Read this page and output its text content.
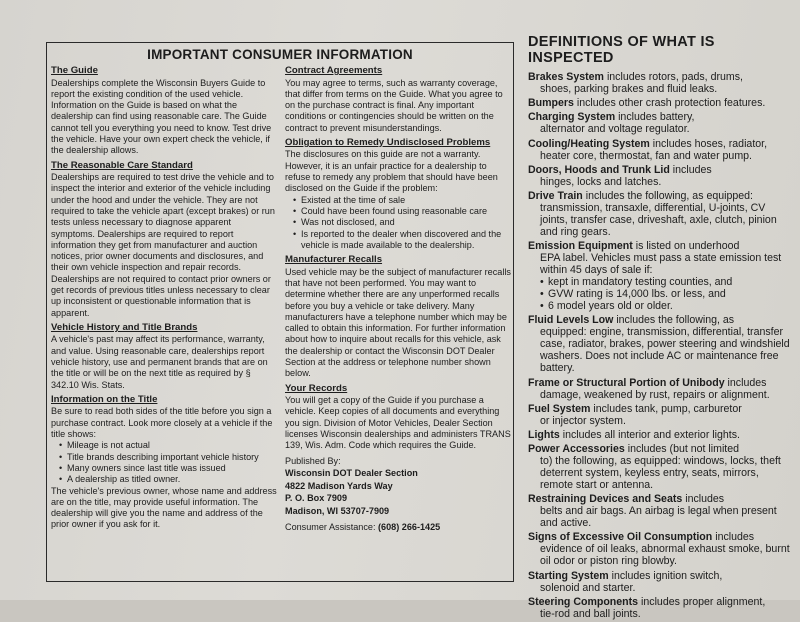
IMPORTANT CONSUMER INFORMATION
The Guide

Dealerships complete the Wisconsin Buyers Guide to report the existing condition of the used vehicle. Information on the Guide is based on what the dealership can find using reasonable care. The Guide cannot tell you everything you need to know. Test drive the vehicle. Have your own expert check the vehicle, if the dealership allows.

The Reasonable Care Standard

Dealerships are required to test drive the vehicle and to inspect the interior and exterior of the vehicle including under the hood and under the vehicle. They are not required to take the vehicle apart (except brakes) or run tests unless necessary to diagnose apparent symptoms. Dealerships are required to report information they get from manufacturer and auction notices, prior owner documents and disclosures, and their own vehicle inspection and repair records. Dealerships are not required to contact prior owners or get records of previous titles unless necessary to clear up inconsistent or questionable information that is apparent.

Vehicle History and Title Brands

A vehicle's past may affect its performance, warranty, and value. Using reasonable care, dealerships report vehicle history, use and permanent brands that are on the title or will be on the next title as required by § 342.10 Wis. Stats.

Information on the Title

Be sure to read both sides of the title before you sign a purchase contract. Look more closely at a vehicle if the title shows:

• Mileage is not actual
• Title brands describing important vehicle history
• Many owners since last title was issued
• A dealership as titled owner.

The vehicle's previous owner, whose name and address are on the title, may provide useful information. The dealership will give you the name and address of the prior owner if you ask for it.

Contract Agreements

You may agree to terms, such as warranty coverage, that differ from terms on the Guide. What you agree to on the purchase contract is final. Any important conditions or contingencies should be written on the contract to prevent misunderstandings.

Obligation to Remedy Undisclosed Problems

The disclosures on this guide are not a warranty. However, it is an unfair practice for a dealership to refuse to remedy any problem that should have been disclosed on the Guide if the problem:

• Existed at the time of sale
• Could have been found using reasonable care
• Was not disclosed, and
• Is reported to the dealer when discovered and the vehicle is made available to the dealership.
Manufacturer Recalls

Used vehicle may be the subject of manufacturer recalls that have not been performed. You may want to determine whether there are any unperformed recalls before you buy a vehicle or take delivery. Many manufacturers have a telephone number which may be called to obtain this information. For further information about how to inquire about recalls for this vehicle, ask the dealership or contact the Wisconsin DOT Dealer Section at the address or telephone number shown below.

Your Records

You will get a copy of the Guide if you purchase a vehicle. Keep copies of all documents and everything you sign. Division of Motor Vehicles, Dealer Section licenses Wisconsin dealerships and administers TRANS 139, Wis. Adm. Code which requires the Guide.

Published By:
Wisconsin DOT Dealer Section
4822 Madison Yards Way
P. O. Box 7909
Madison, WI 53707-7909
Consumer Assistance: (608) 266-1425
DEFINITIONS OF WHAT IS INSPECTED
Brakes System includes rotors, pads, drums,
shoes, parking brakes and fluid leaks.
Bumpers includes other crash protection features.
Charging System includes battery,
alternator and voltage regulator.
Cooling/Heating System includes hoses, radiator,
heater core, thermostat, fan and water pump.
Doors, Hoods and Trunk Lid includes
hinges, locks and latches.
Drive Train includes the following, as equipped:
transmission, transaxle, differential, U-joints, CV joints, transfer case, driveshaft, axle, clutch, pinion and ring gears.
Emission Equipment is listed on underhood
EPA label. Vehicles must pass a state emission test within 45 days of sale if:
• kept in mandatory testing counties, and
• GVW rating is 14,000 lbs. or less, and
• 6 model years old or older.
Fluid Levels Low includes the following, as
equipped: engine, transmission, differential, transfer case, radiator, brakes, power steering and windshield washers. Does not include AC or maintenance free battery.
Frame or Structural Portion of Unibody includes
damage, weakened by rust, repairs or alignment.
Fuel System includes tank, pump, carburetor
or injector system.
Lights includes all interior and exterior lights.
Power Accessories includes (but not limited
to) the following, as equipped: windows, locks, theft deterrent system, keyless entry, seats, mirrors, remote start or antenna.
Restraining Devices and Seats includes
belts and air bags. An airbag is legal when present and active.
Signs of Excessive Oil Consumption includes
evidence of oil leaks, abnormal exhaust smoke, burnt oil odor or piston ring blowby.
Starting System includes ignition switch,
solenoid and starter.
Steering Components includes proper alignment,
tie-rod and ball joints.
